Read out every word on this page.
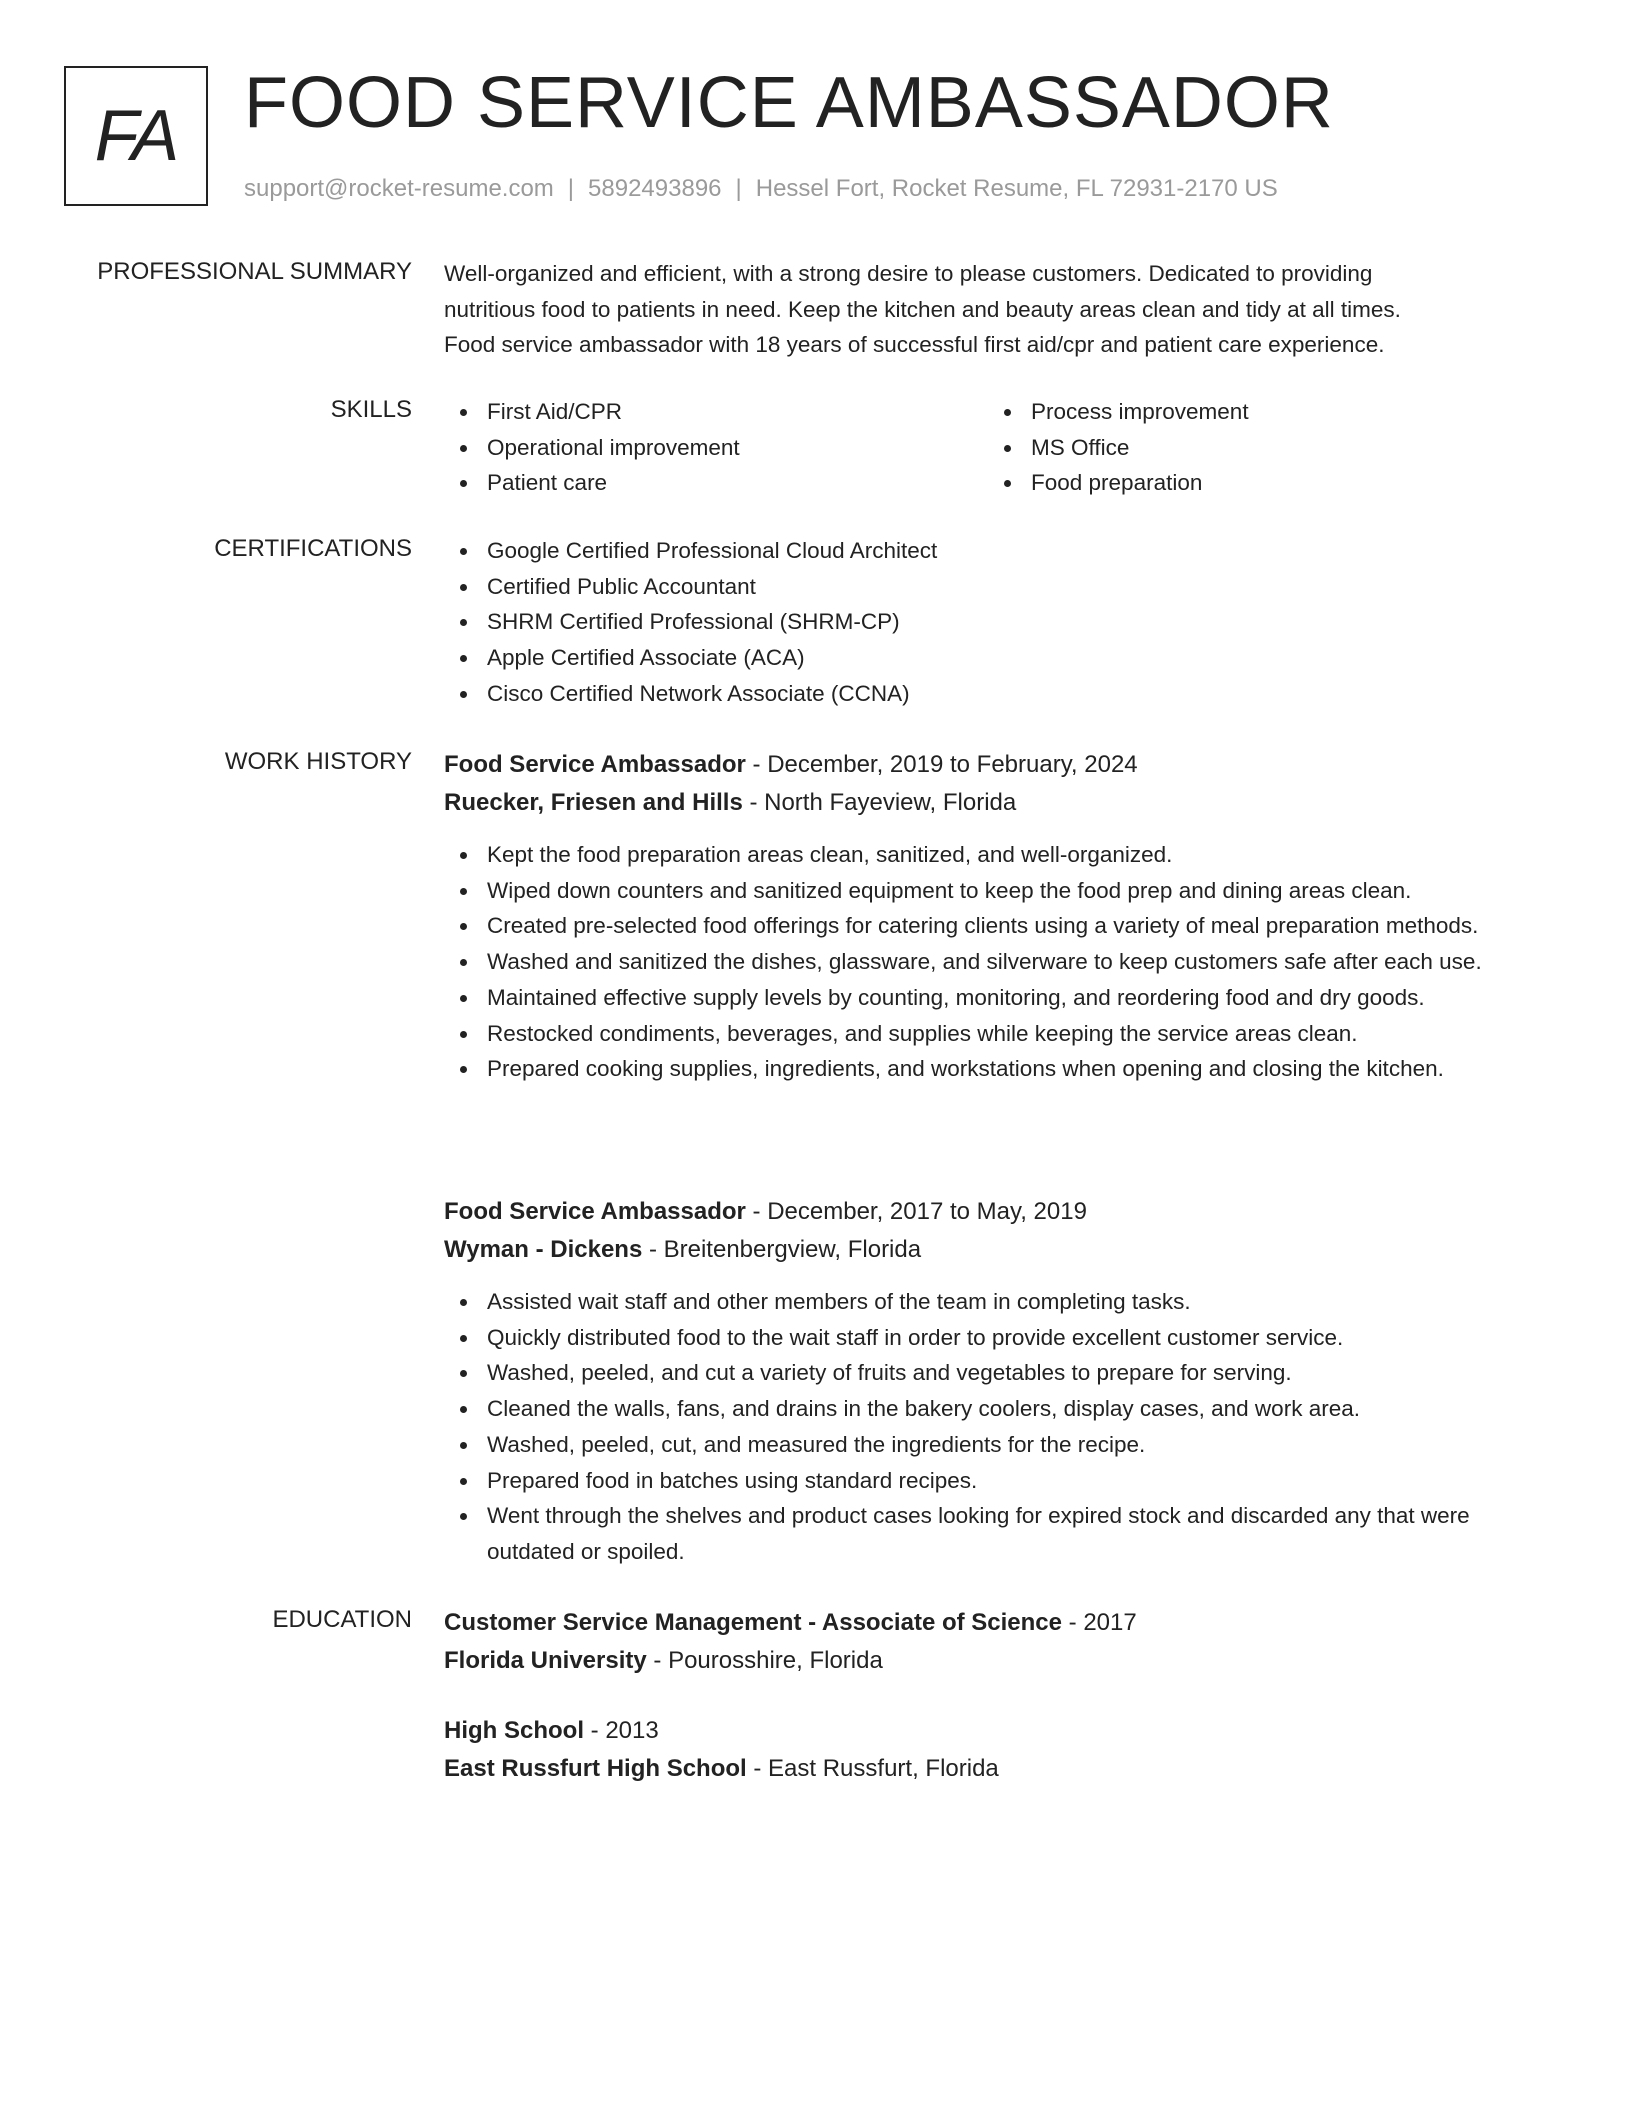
FA FOOD SERVICE AMBASSADOR
support@rocket-resume.com | 5892493896 | Hessel Fort, Rocket Resume, FL 72931-2170 US
PROFESSIONAL SUMMARY Well-organized and efficient, with a strong desire to please customers. Dedicated to providing
nutritious food to patients in need. Keep the kitchen and beauty areas clean and tidy at all times.
Food service ambassador with 18 years of successful first aid/cpr and patient care experience.
SKILLS	First Aid/CPR
Operational improvement
Patient care
Process improvement
MS Office
Food preparation
CERTIFICATIONS	Google Certified Professional Cloud Architect
Certified Public Accountant
SHRM Certified Professional (SHRM-CP)
Apple Certified Associate (ACA)
Cisco Certified Network Associate (CCNA)
WORK HISTORY Food Service Ambassador - December, 2019 to February, 2024
Ruecker, Friesen and Hills - North Fayeview, Florida
Kept the food preparation areas clean, sanitized, and well-organized.
Wiped down counters and sanitized equipment to keep the food prep and dining areas clean.
Created pre-selected food offerings for catering clients using a variety of meal preparation methods.
Washed and sanitized the dishes, glassware, and silverware to keep customers safe after each use.
Maintained effective supply levels by counting, monitoring, and reordering food and dry goods.
Restocked condiments, beverages, and supplies while keeping the service areas clean.
Prepared cooking supplies, ingredients, and workstations when opening and closing the kitchen.
Food Service Ambassador - December, 2017 to May, 2019
Wyman - Dickens - Breitenbergview, Florida
Assisted wait staff and other members of the team in completing tasks.
Quickly distributed food to the wait staff in order to provide excellent customer service.
Washed, peeled, and cut a variety of fruits and vegetables to prepare for serving.
Cleaned the walls, fans, and drains in the bakery coolers, display cases, and work area.
Washed, peeled, cut, and measured the ingredients for the recipe.
Prepared food in batches using standard recipes.
Went through the shelves and product cases looking for expired stock and discarded any that were outdated or spoiled.
EDUCATION Customer Service Management - Associate of Science - 2017
Florida University - Pourosshire, Florida
High School - 2013
East Russfurt High School - East Russfurt, Florida
